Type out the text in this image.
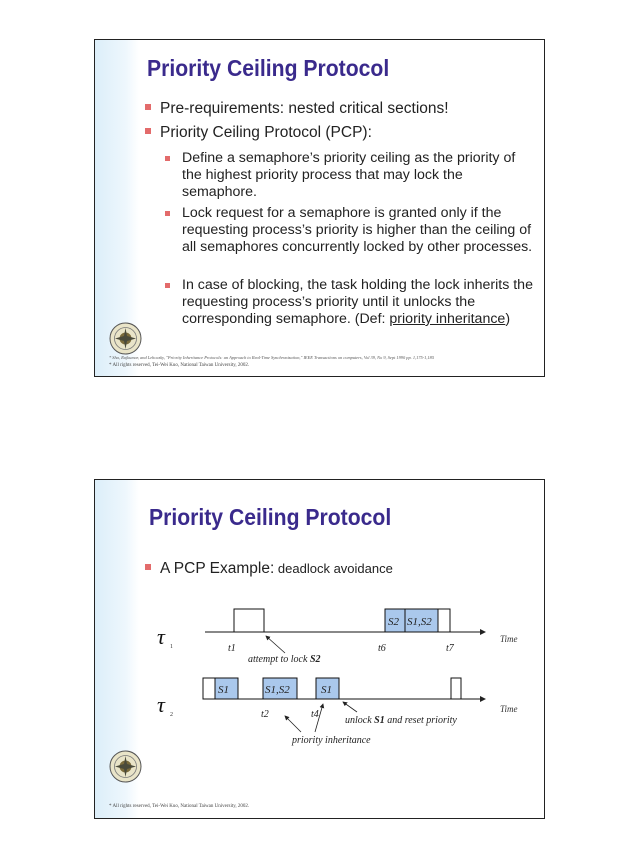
Priority Ceiling Protocol
Pre-requirements: nested critical sections!
Priority Ceiling Protocol (PCP):
Define a semaphore’s priority ceiling as the priority of the highest priority process that may lock the semaphore.
Lock request for a semaphore is granted only if the requesting process’s priority is higher than the ceiling of all semaphores concurrently locked by other processes.
In case of blocking, the task holding the lock inherits the requesting process’s priority until it unlocks the corresponding semaphore. (Def: priority inheritance)
* Sha, Rajkumar, and Lehoczky, "Priority Inheritance Protocols: an Approach to Real-Time Synchronization," IEEE Transactions on computers, Vol 39, No 9, Sept 1990 pp. 1,175-1,185
* All rights reserved, Tei-Wei Kuo, National Taiwan University, 2002.
Priority Ceiling Protocol
A PCP Example: deadlock avoidance
τ 1
Time
S2 S1,S2
t1	t6	t7
attempt to lock S2
τ 2
Time
S1	S1,S2	S1
t2	t4
unlock S1 and reset priority
priority inheritance
* All rights reserved, Tei-Wei Kuo, National Taiwan University, 2002.
